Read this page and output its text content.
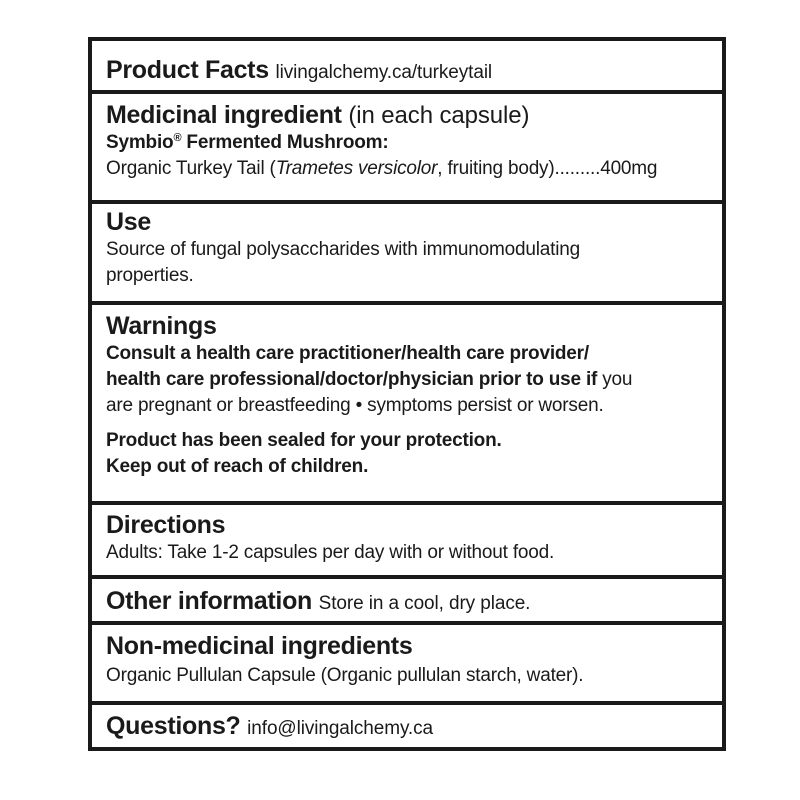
Product Facts livingalchemy.ca/turkeytail
Medicinal ingredient (in each capsule)
Symbio® Fermented Mushroom:
Organic Turkey Tail (Trametes versicolor, fruiting body).........400mg
Use
Source of fungal polysaccharides with immunomodulating
properties.
Warnings
Consult a health care practitioner/health care provider/
health care professional/doctor/physician prior to use if you
are pregnant or breastfeeding • symptoms persist or worsen.
Product has been sealed for your protection.
Keep out of reach of children.
Directions
Adults: Take 1-2 capsules per day with or without food.
Other information Store in a cool, dry place.
Non-medicinal ingredients
Organic Pullulan Capsule (Organic pullulan starch, water).
Questions? info@livingalchemy.ca
